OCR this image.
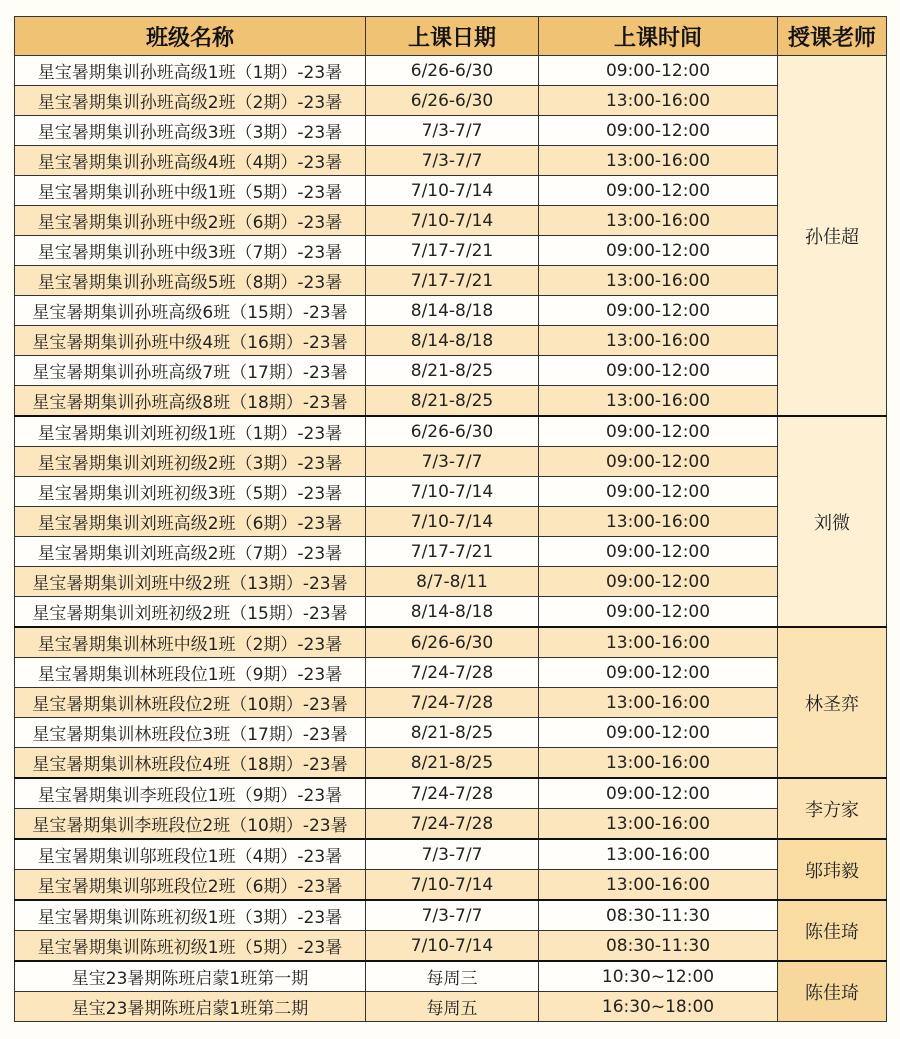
班级名称	上课日期	上课时间	授课老师
星宝暑期集训孙班高级1班（1期）-23暑	6/26-6/30	09:00-12:00	孙佳超
星宝暑期集训孙班高级2班（2期）-23暑	6/26-6/30	13:00-16:00	
星宝暑期集训孙班高级3班（3期）-23暑	7/3-7/7	09:00-12:00	
星宝暑期集训孙班高级4班（4期）-23暑	7/3-7/7	13:00-16:00	
星宝暑期集训孙班中级1班（5期）-23暑	7/10-7/14	09:00-12:00	
星宝暑期集训孙班中级2班（6期）-23暑	7/10-7/14	13:00-16:00	
星宝暑期集训孙班中级3班（7期）-23暑	7/17-7/21	09:00-12:00	
星宝暑期集训孙班高级5班（8期）-23暑	7/17-7/21	13:00-16:00	
星宝暑期集训孙班高级6班（15期）-23暑	8/14-8/18	09:00-12:00	
星宝暑期集训孙班中级4班（16期）-23暑	8/14-8/18	13:00-16:00	
星宝暑期集训孙班高级7班（17期）-23暑	8/21-8/25	09:00-12:00	
星宝暑期集训孙班高级8班（18期）-23暑	8/21-8/25	13:00-16:00	
星宝暑期集训刘班初级1班（1期）-23暑	6/26-6/30	09:00-12:00	刘微
星宝暑期集训刘班初级2班（3期）-23暑	7/3-7/7	09:00-12:00	
星宝暑期集训刘班初级3班（5期）-23暑	7/10-7/14	09:00-12:00	
星宝暑期集训刘班高级2班（6期）-23暑	7/10-7/14	13:00-16:00	
星宝暑期集训刘班高级2班（7期）-23暑	7/17-7/21	09:00-12:00	
星宝暑期集训刘班中级2班（13期）-23暑	8/7-8/11	09:00-12:00	
星宝暑期集训刘班初级2班（15期）-23暑	8/14-8/18	09:00-12:00	
星宝暑期集训林班中级1班（2期）-23暑	6/26-6/30	13:00-16:00	林圣弈
星宝暑期集训林班段位1班（9期）-23暑	7/24-7/28	09:00-12:00	
星宝暑期集训林班段位2班（10期）-23暑	7/24-7/28	13:00-16:00	
星宝暑期集训林班段位3班（17期）-23暑	8/21-8/25	09:00-12:00	
星宝暑期集训林班段位4班（18期）-23暑	8/21-8/25	13:00-16:00	
星宝暑期集训李班段位1班（9期）-23暑	7/24-7/28	09:00-12:00	李方家
星宝暑期集训李班段位2班（10期）-23暑	7/24-7/28	13:00-16:00	
星宝暑期集训邬班段位1班（4期）-23暑	7/3-7/7	13:00-16:00	邬玮毅
星宝暑期集训邬班段位2班（6期）-23暑	7/10-7/14	13:00-16:00	
星宝暑期集训陈班初级1班（3期）-23暑	7/3-7/7	08:30-11:30	陈佳琦
星宝暑期集训陈班初级1班（5期）-23暑	7/10-7/14	08:30-11:30	
星宝23暑期陈班启蒙1班第一期	每周三	10:30~12:00	陈佳琦
星宝23暑期陈班启蒙1班第二期	每周五	16:30~18:00	
